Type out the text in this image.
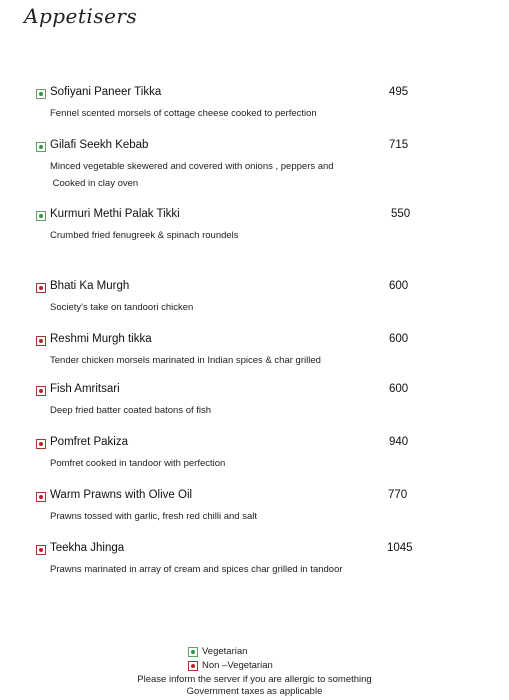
Appetisers
Sofiyani Paneer Tikka	495
Fennel scented morsels of cottage cheese cooked to perfection
Gilafi Seekh Kebab	715
Minced vegetable skewered and covered with onions , peppers and
Cooked in clay oven
Kurmuri Methi Palak Tikki	550
Crumbed fried fenugreek & spinach roundels
Bhati Ka Murgh	600
Society's take on tandoori chicken
Reshmi Murgh tikka	600
Tender chicken morsels marinated in Indian spices & char grilled
Fish Amritsari	600
Deep fried batter coated batons of fish
Pomfret Pakiza	940
Pomfret cooked in tandoor with perfection
Warm Prawns with Olive Oil	770
Prawns tossed with garlic, fresh red chilli and salt
Teekha Jhinga	1045
Prawns marinated in array of cream and spices char grilled in tandoor
Vegetarian
Non –Vegetarian
Please inform the server if you are allergic to something
Government taxes as applicable
